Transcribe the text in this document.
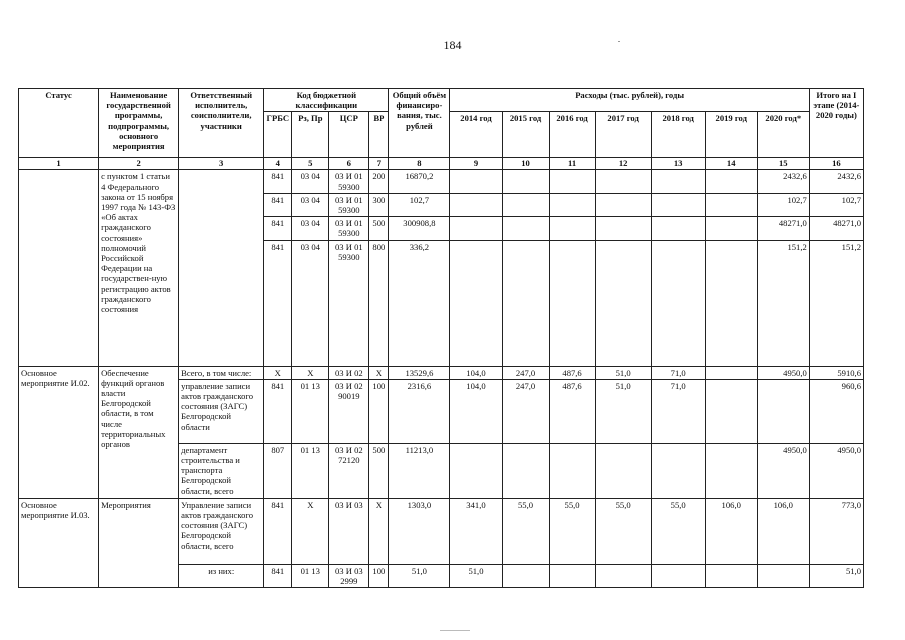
184
Статус	Наименование государственной программы, подпрограммы, основного мероприятия	Ответственный исполнитель, соисполнители, участники	Код бюджетной классификации				Общий объём финансиро-вания, тыс. рублей	Расходы (тыс. рублей), годы							Итого на I этапе (2014-2020 годы)
			ГРБС	Рз, Пр	ЦСР	ВР		2014 год	2015 год	2016 год	2017 год	2018 год	2019 год	2020 год*	
1	2	3	4	5	6	7	8	9	10	11	12	13	14	15	16
	с пунктом 1 статьи 4 Федерального закона от 15 ноября 1997 года № 143-ФЗ «Об актах гражданского состояния» полномочий Российской Федерации на государствен-ную регистрацию актов гражданского состояния		841	03 04	03 И 01 59300	200	16870,2							2432,6	2432,6
			841	03 04	03 И 01 59300	300	102,7							102,7	102,7
			841	03 04	03 И 01 59300	500	300908,8							48271,0	48271,0
			841	03 04	03 И 01 59300	800	336,2							151,2	151,2
Основное мероприятие И.02.	Обеспечение функций органов власти Белгородской области, в том числе территориальных органов	Всего, в том числе:	X	X	03 И 02	X	13529,6	104,0	247,0	487,6	51,0	71,0		4950,0	5910,6
		управление записи актов гражданского состояния (ЗАГС) Белгородской области	841	01 13	03 И 02 90019	100	2316,6	104,0	247,0	487,6	51,0	71,0			960,6
		департамент строительства и транспорта Белгородской области, всего	807	01 13	03 И 02 72120	500	11213,0							4950,0	4950,0
Основное мероприятие И.03.	Мероприятия	Управление записи актов гражданского состояния (ЗАГС) Белгородской области, всего	841	X	03 И 03	X	1303,0	341,0	55,0	55,0	55,0	55,0	106,0	106,0	773,0
		из них:	841	01 13	03 И 03 2999	100	51,0	51,0							51,0
